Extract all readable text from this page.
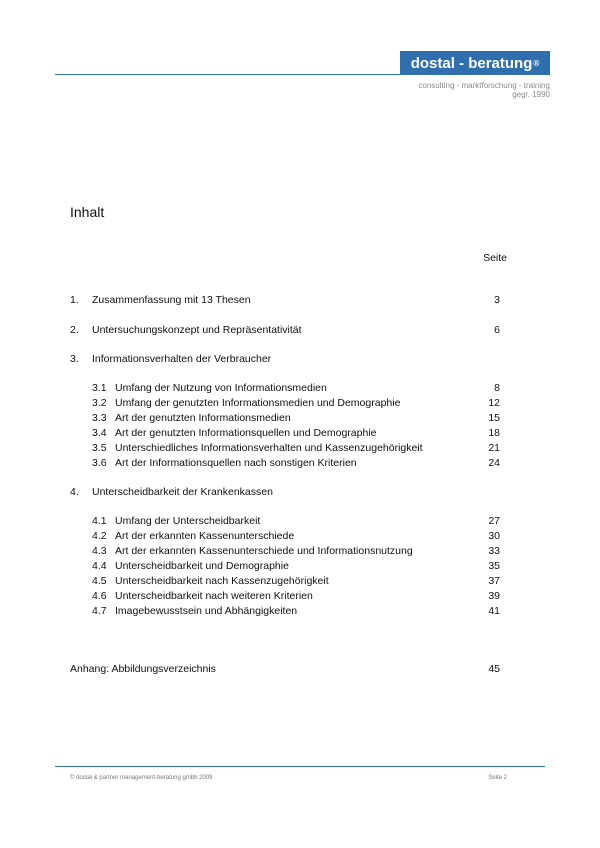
dostal - beratung ®
consulting - marktforschung - training
gegr. 1990
Inhalt
Seite
1. Zusammenfassung mit 13 Thesen	3
2. Untersuchungskonzept und Repräsentativität	6
3. Informationsverhalten der Verbraucher
3.1 Umfang der Nutzung von Informationsmedien	8
3.2 Umfang der genutzten Informationsmedien und Demographie	12
3.3 Art der genutzten Informationsmedien	15
3.4 Art der genutzten Informationsquellen und Demographie	18
3.5 Unterschiedliches Informationsverhalten und Kassenzugehörigkeit	21
3.6 Art der Informationsquellen nach sonstigen Kriterien	24
4. Unterscheidbarkeit der Krankenkassen
4.1 Umfang der Unterscheidbarkeit	27
4.2 Art der erkannten Kassenunterschiede	30
4.3 Art der erkannten Kassenunterschiede und Informationsnutzung	33
4.4 Unterscheidbarkeit und Demographie	35
4.5 Unterscheidbarkeit nach Kassenzugehörigkeit	37
4.6 Unterscheidbarkeit nach weiteren Kriterien	39
4.7 Imagebewusstsein und Abhängigkeiten	41
Anhang: Abbildungsverzeichnis	45
© dostal & partner management-beratung gmbh 2009	Seite 2
